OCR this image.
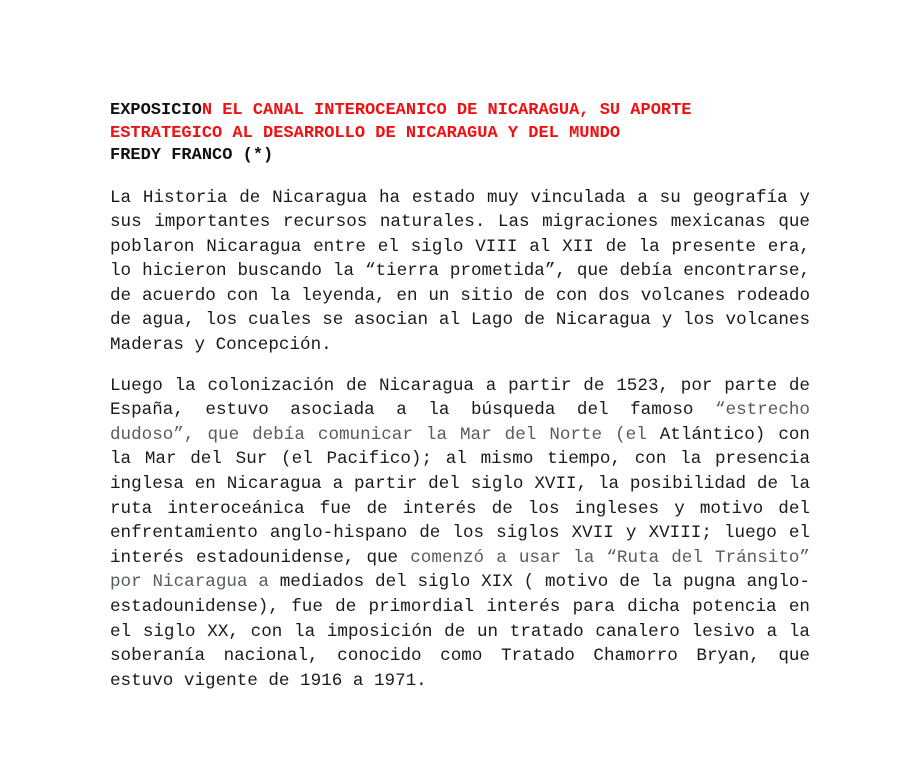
EXPOSICION EL CANAL INTEROCEANICO DE NICARAGUA, SU APORTE ESTRATEGICO AL DESARROLLO DE NICARAGUA Y DEL MUNDO

FREDY FRANCO (*)

La Historia de Nicaragua ha estado muy vinculada a su geografía y sus importantes recursos naturales. Las migraciones mexicanas que poblaron Nicaragua entre el siglo VIII al XII de la presente era, lo hicieron buscando la “tierra prometida”, que debía encontrarse, de acuerdo con la leyenda, en un sitio de con dos volcanes rodeado de agua, los cuales se asocian al Lago de Nicaragua y los volcanes Maderas y Concepción.

Luego la colonización de Nicaragua a partir de 1523, por parte de España, estuvo asociada a la búsqueda del famoso “estrecho dudoso”, que debía comunicar la Mar del Norte (el Atlántico) con la Mar del Sur (el Pacifico); al mismo tiempo, con la presencia inglesa en Nicaragua a partir del siglo XVII, la posibilidad de la ruta interoceánica fue de interés de los ingleses y motivo del enfrentamiento anglo-hispano de los siglos XVII y XVIII; luego el interés estadounidense, que comenzó a usar la “Ruta del Tránsito” por Nicaragua a mediados del siglo XIX ( motivo de la pugna anglo-estadounidense), fue de primordial interés para dicha potencia en el siglo XX, con la imposición de un tratado canalero lesivo a la soberanía nacional, conocido como Tratado Chamorro Bryan, que estuvo vigente de 1916 a 1971.
